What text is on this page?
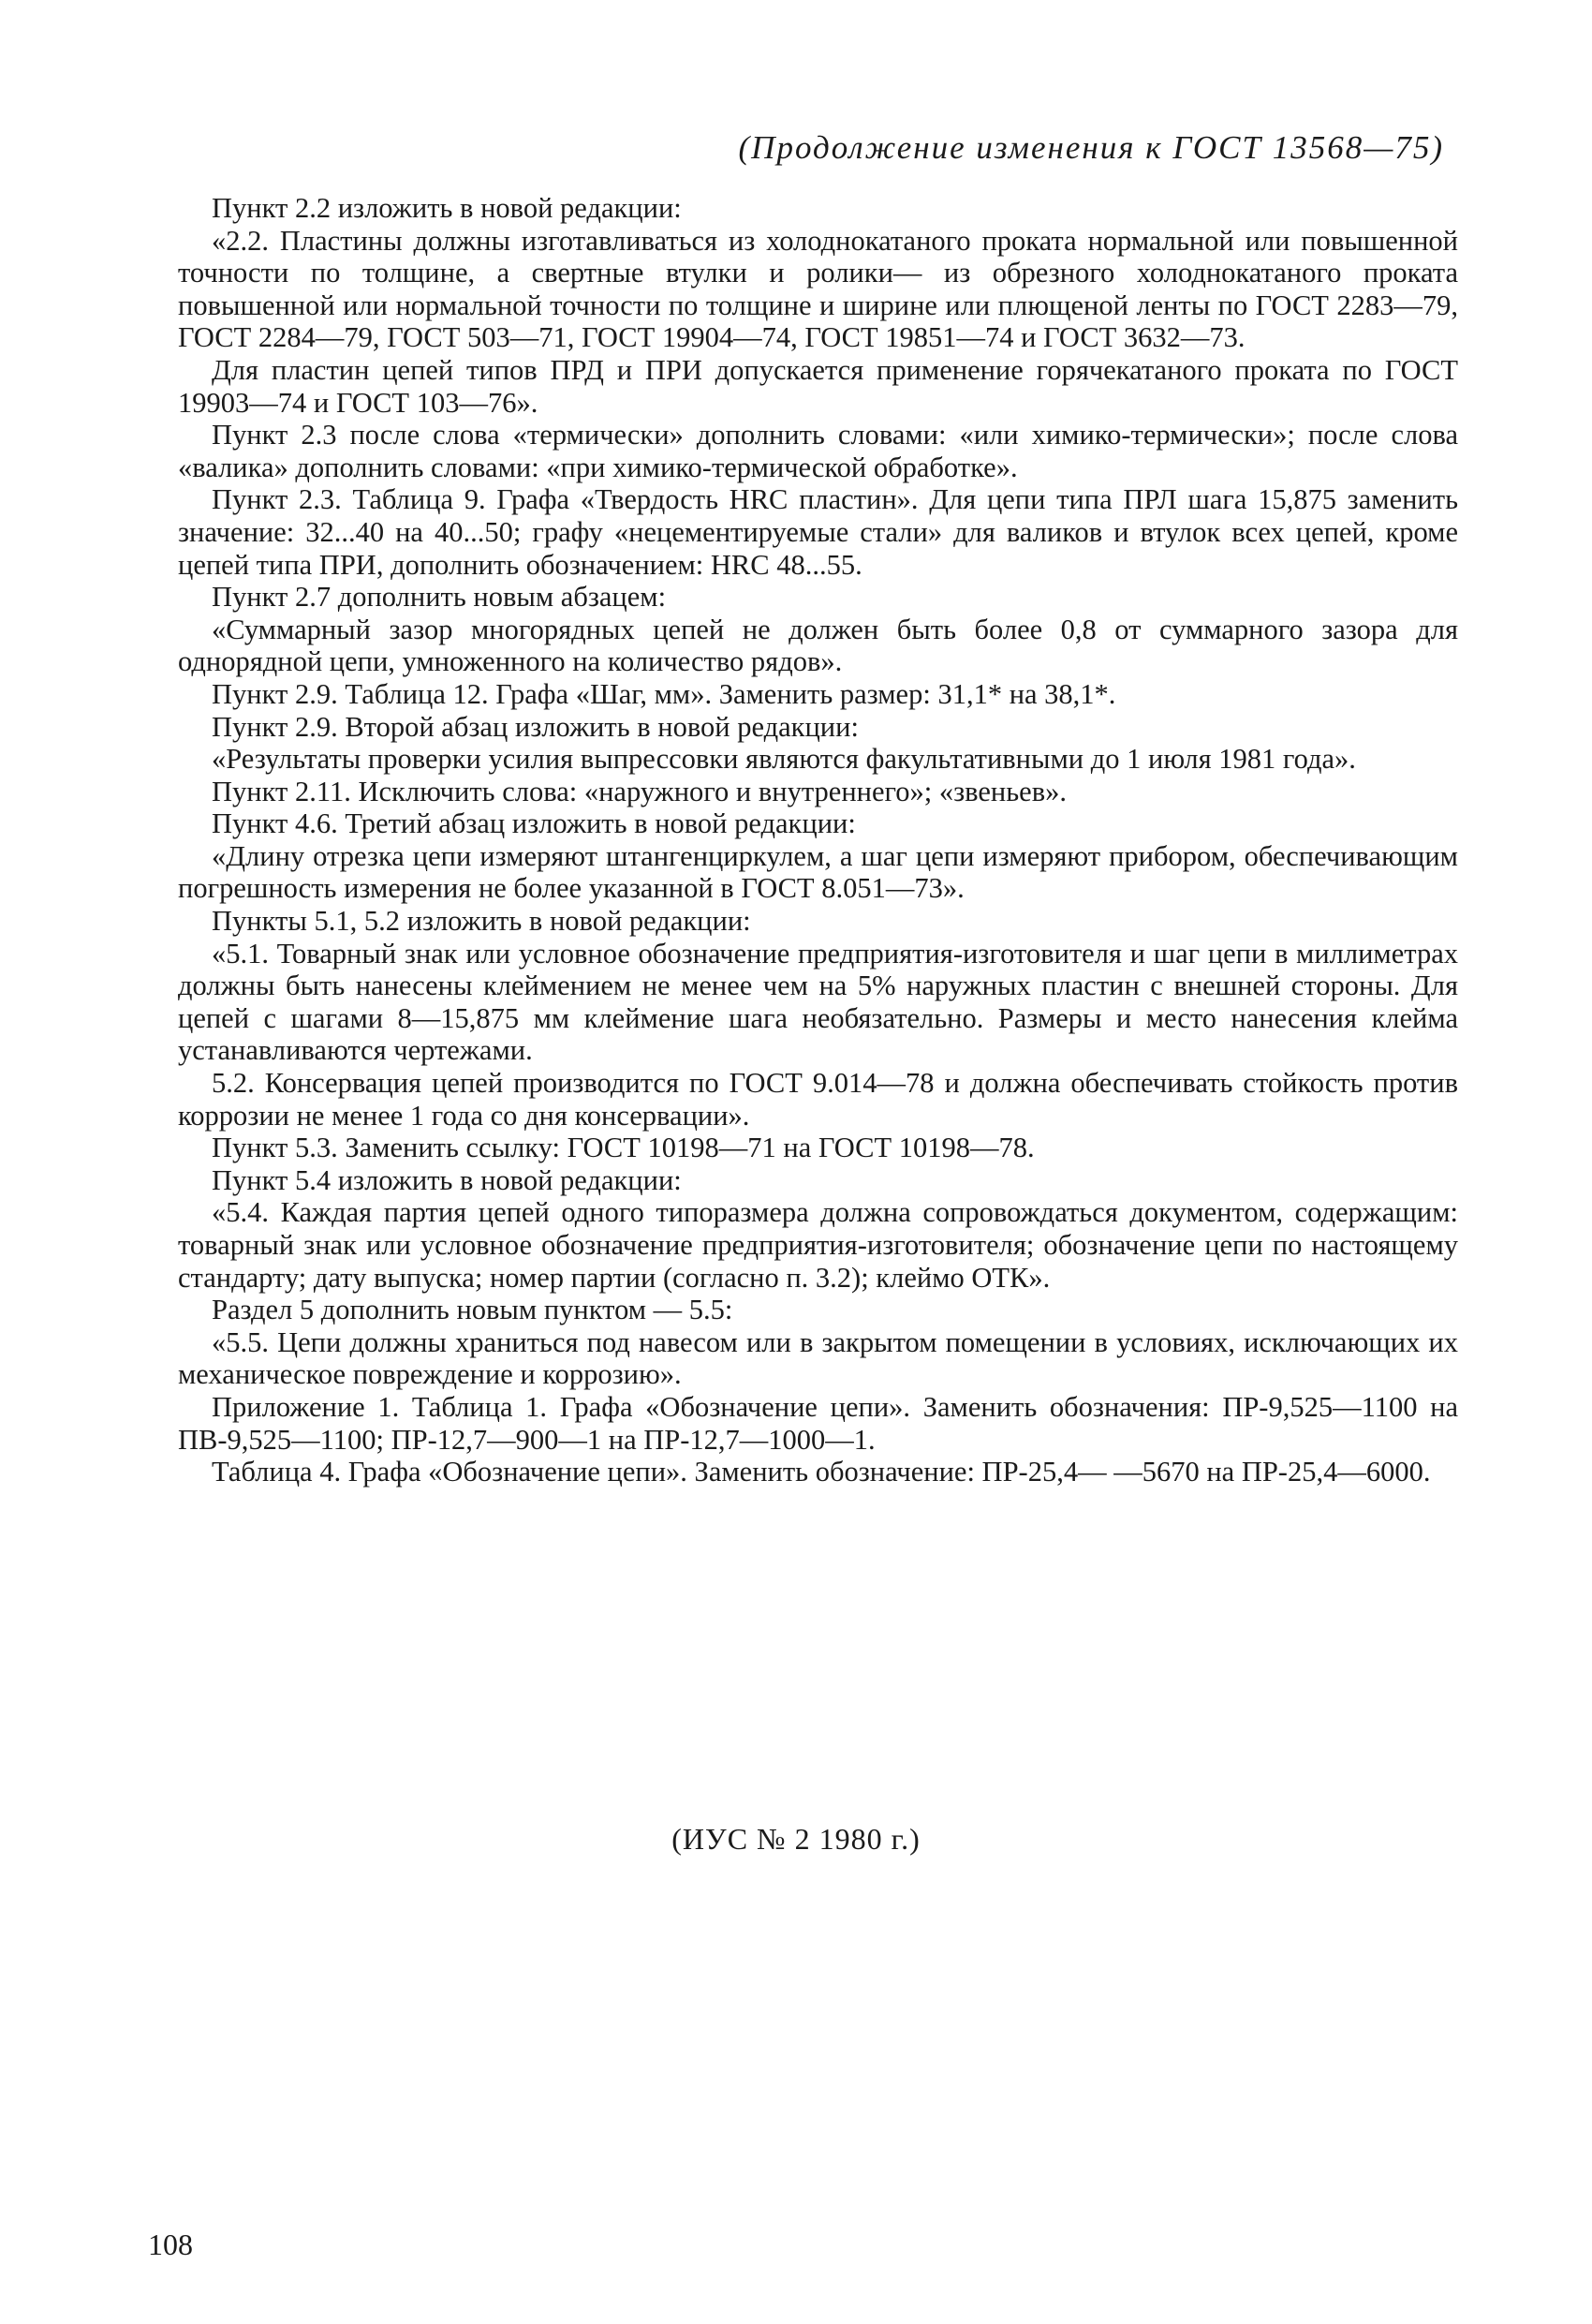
(Продолжение изменения к ГОСТ 13568—75)

Пункт 2.2 изложить в новой редакции:

«2.2. Пластины должны изготавливаться из холоднокатаного проката нормальной или повышенной точности по толщине, а свертные втулки и ролики— из обрезного холоднокатаного проката повышенной или нормальной точности по толщине и ширине или плющеной ленты по ГОСТ 2283—79, ГОСТ 2284—79, ГОСТ 503—71, ГОСТ 19904—74, ГОСТ 19851—74 и ГОСТ 3632—73.

Для пластин цепей типов ПРД и ПРИ допускается применение горячекатаного проката по ГОСТ 19903—74 и ГОСТ 103—76».

Пункт 2.3 после слова «термически» дополнить словами: «или химико-термически»; после слова «валика» дополнить словами: «при химико-термической обработке».

Пункт 2.3. Таблица 9. Графа «Твердость HRC пластин». Для цепи типа ПРЛ шага 15,875 заменить значение: 32...40 на 40...50; графу «нецементируемые стали» для валиков и втулок всех цепей, кроме цепей типа ПРИ, дополнить обозначением: HRC 48...55.

Пункт 2.7 дополнить новым абзацем:

«Суммарный зазор многорядных цепей не должен быть более 0,8 от суммарного зазора для однорядной цепи, умноженного на количество рядов».

Пункт 2.9. Таблица 12. Графа «Шаг, мм». Заменить размер: 31,1* на 38,1*.

Пункт 2.9. Второй абзац изложить в новой редакции:

«Результаты проверки усилия выпрессовки являются факультативными до 1 июля 1981 года».

Пункт 2.11. Исключить слова: «наружного и внутреннего»; «звеньев».

Пункт 4.6. Третий абзац изложить в новой редакции:

«Длину отрезка цепи измеряют штангенциркулем, а шаг цепи измеряют прибором, обеспечивающим погрешность измерения не более указанной в ГОСТ 8.051—73».

Пункты 5.1, 5.2 изложить в новой редакции:

«5.1. Товарный знак или условное обозначение предприятия-изготовителя и шаг цепи в миллиметрах должны быть нанесены клеймением не менее чем на 5% наружных пластин с внешней стороны. Для цепей с шагами 8—15,875 мм клеймение шага необязательно. Размеры и место нанесения клейма устанавливаются чертежами.

5.2. Консервация цепей производится по ГОСТ 9.014—78 и должна обеспечивать стойкость против коррозии не менее 1 года со дня консервации».

Пункт 5.3. Заменить ссылку: ГОСТ 10198—71 на ГОСТ 10198—78.

Пункт 5.4 изложить в новой редакции:

«5.4. Каждая партия цепей одного типоразмера должна сопровождаться документом, содержащим: товарный знак или условное обозначение предприятия-изготовителя; обозначение цепи по настоящему стандарту; дату выпуска; номер партии (согласно п. 3.2); клеймо ОТК».

Раздел 5 дополнить новым пунктом — 5.5:

«5.5. Цепи должны храниться под навесом или в закрытом помещении в условиях, исключающих их механическое повреждение и коррозию».

Приложение 1. Таблица 1. Графа «Обозначение цепи». Заменить обозначения: ПР-9,525—1100 на ПВ-9,525—1100; ПР-12,7—900—1 на ПР-12,7—1000—1.

Таблица 4. Графа «Обозначение цепи». Заменить обозначение: ПР-25,4— —5670 на ПР-25,4—6000.

(ИУС № 2 1980 г.)
108
